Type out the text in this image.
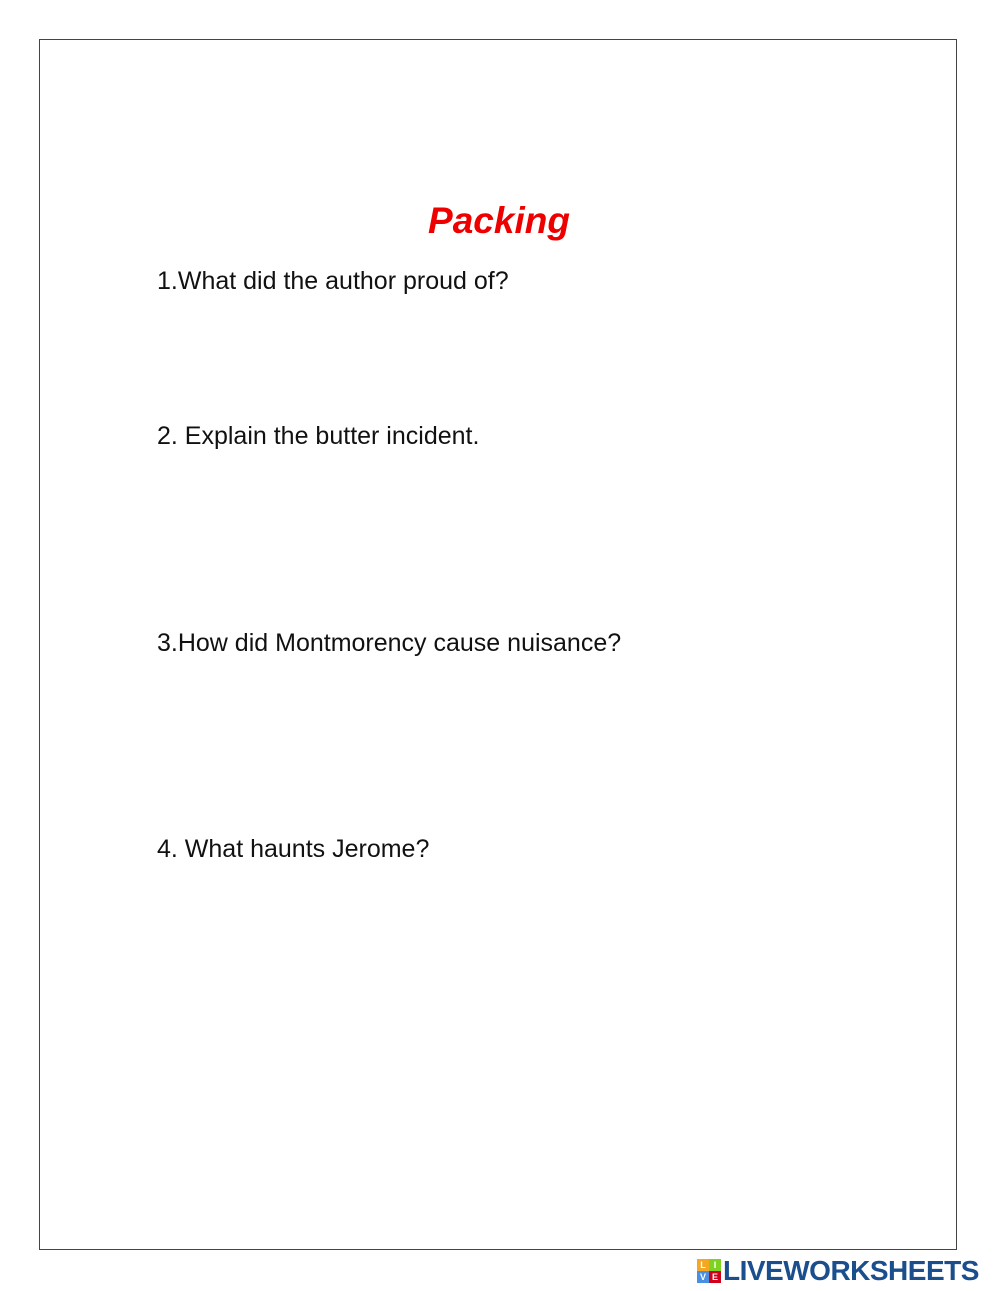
Packing

1.What did the author proud of?

2. Explain the butter incident.

3.How did Montmorency cause nuisance?

4. What haunts Jerome?

L I
V E LIVEWORKSHEETS
